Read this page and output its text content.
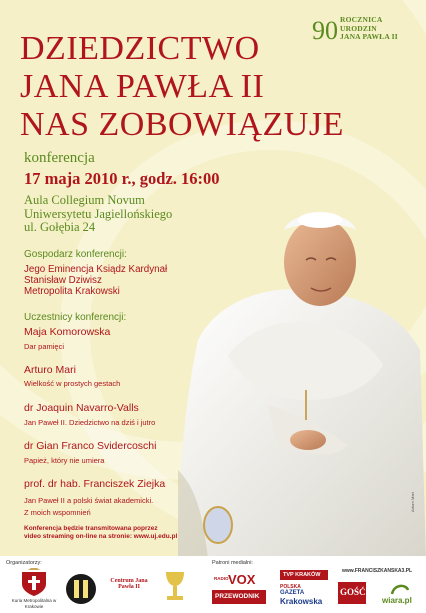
90 ROCZNICA
URODZIN
JANA PAWŁA II
DZIEDZICTWO
JANA PAWŁA II
NAS ZOBOWIĄZUJE
konferencja
17 maja 2010 r., godz. 16:00
Aula Collegium Novum
Uniwersytetu Jagiellońskiego
ul. Gołębia 24
Arturo Mari
Gospodarz konferencji:
Jego Eminencja Ksiądz Kardynał
Stanisław Dziwisz
Metropolita Krakowski
Uczestnicy konferencji:
Maja Komorowska
Dar pamięci
Arturo Mari
Wielkość w prostych gestach
dr Joaquin Navarro-Valls
Jan Paweł II. Dziedzictwo na dziś i jutro
dr Gian Franco Svidercoschi
Papież, który nie umiera
prof. dr hab. Franciszek Ziejka
Jan Paweł II a polski świat akademicki.
Z moich wspomnień
Konferencja będzie transmitowana poprzez
video streaming on-line na stronie: www.uj.edu.pl
Organizatorzy:	Patroni medialni:
Kuria Metropolitalna w Krakowie
Centrum Jana Pawła II
RADIO VOX
PRZEWODNIK
TVP KRAKÓW
POLSKA
GAZETA
Krakowska
GOŚĆ
www.FRANCISZKANSKA3.PL
wiara.pl
